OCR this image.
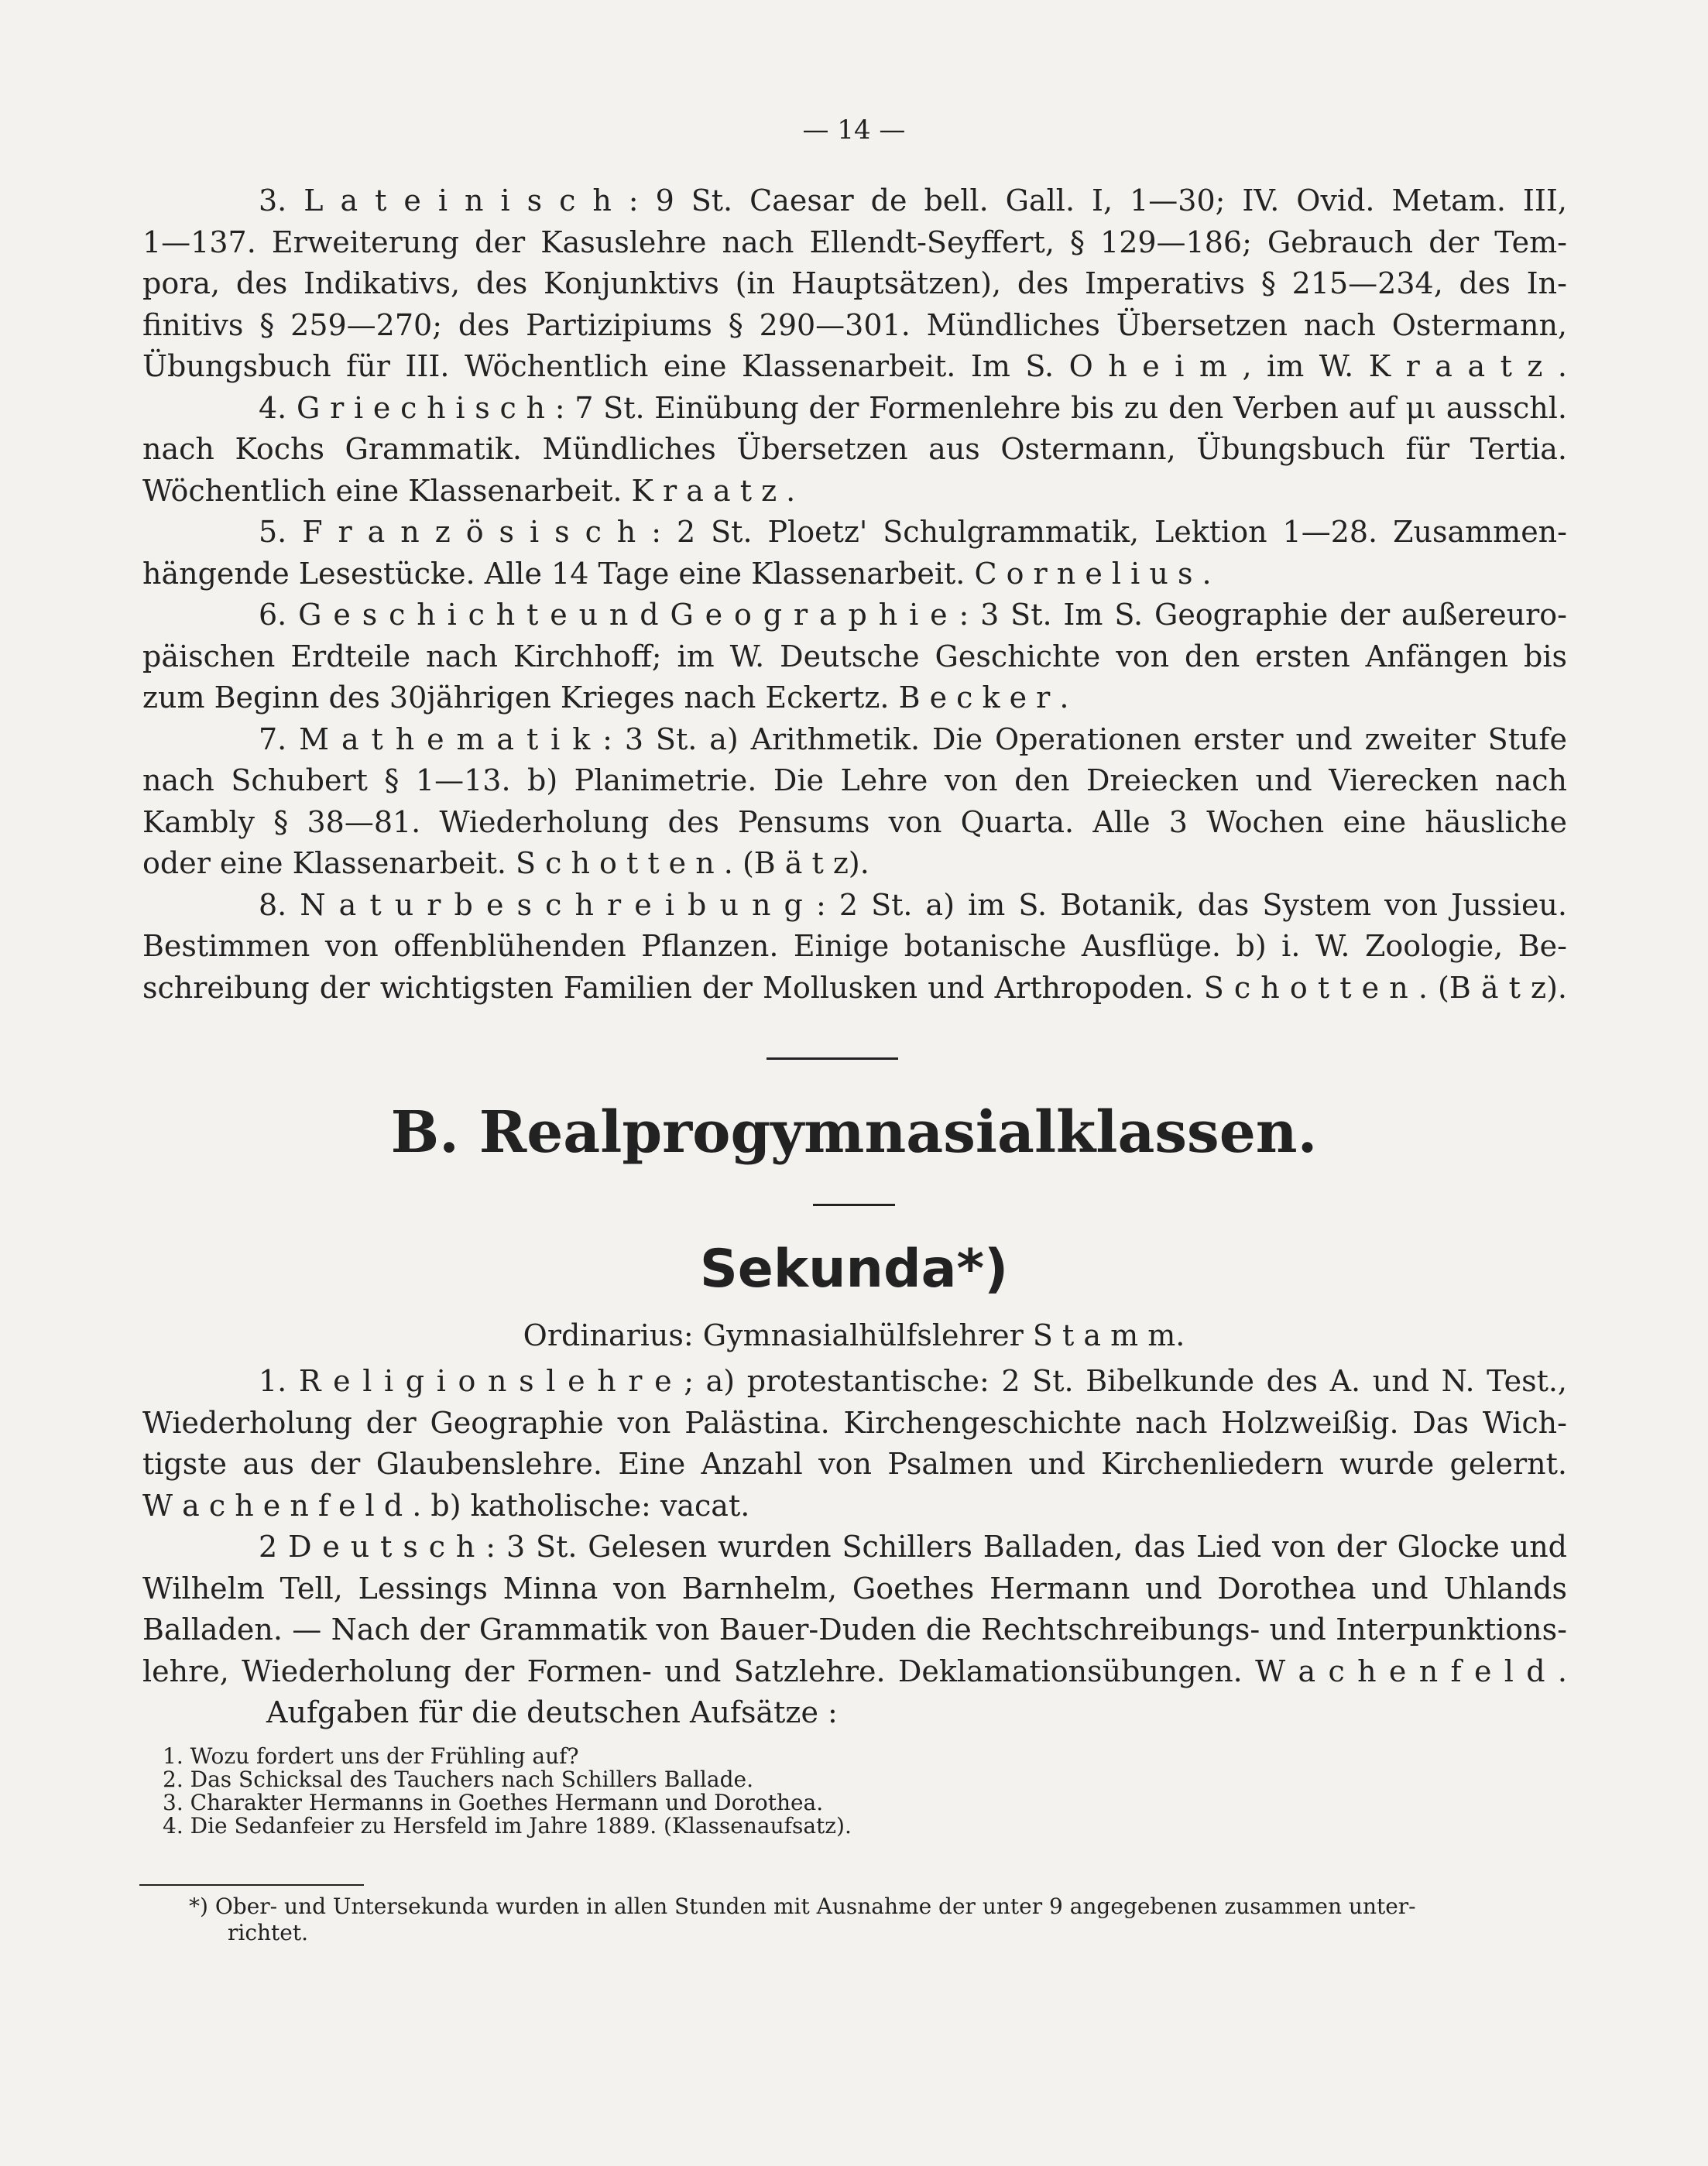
— 14 —
3. L a t e i n i s c h : 9 St. Caesar de bell. Gall. I, 1—30; IV. Ovid. Metam. III,
1—137. Erweiterung der Kasuslehre nach Ellendt-Seyffert, § 129—186; Gebrauch der Tem-
pora, des Indikativs, des Konjunktivs (in Hauptsätzen), des Imperativs § 215—234, des In-
finitivs § 259—270; des Partizipiums § 290—301. Mündliches Übersetzen nach Ostermann,
Übungsbuch für III. Wöchentlich eine Klassenarbeit. Im S. O h e i m , im W. K r a a t z .
4. G r i e c h i s c h : 7 St. Einübung der Formenlehre bis zu den Verben auf μι ausschl.
nach Kochs Grammatik. Mündliches Übersetzen aus Ostermann, Übungsbuch für Tertia.
Wöchentlich eine Klassenarbeit. K r a a t z .
5. F r a n z ö s i s c h : 2 St. Ploetz' Schulgrammatik, Lektion 1—28. Zusammen-
hängende Lesestücke. Alle 14 Tage eine Klassenarbeit. C o r n e l i u s .
6. G e s c h i c h t e u n d G e o g r a p h i e : 3 St. Im S. Geographie der außereuro-
päischen Erdteile nach Kirchhoff; im W. Deutsche Geschichte von den ersten Anfängen bis
zum Beginn des 30jährigen Krieges nach Eckertz. B e c k e r .
7. M a t h e m a t i k : 3 St. a) Arithmetik. Die Operationen erster und zweiter Stufe
nach Schubert § 1—13. b) Planimetrie. Die Lehre von den Dreiecken und Vierecken nach
Kambly § 38—81. Wiederholung des Pensums von Quarta. Alle 3 Wochen eine häusliche
oder eine Klassenarbeit. S c h o t t e n . (B ä t z).
8. N a t u r b e s c h r e i b u n g : 2 St. a) im S. Botanik, das System von Jussieu.
Bestimmen von offenblühenden Pflanzen. Einige botanische Ausflüge. b) i. W. Zoologie, Be-
schreibung der wichtigsten Familien der Mollusken und Arthropoden. S c h o t t e n . (B ä t z).
B. Realprogymnasialklassen.
Sekunda*)
Ordinarius: Gymnasialhülfslehrer S t a m m.
1. R e l i g i o n s l e h r e ; a) protestantische: 2 St. Bibelkunde des A. und N. Test.,
Wiederholung der Geographie von Palästina. Kirchengeschichte nach Holzweißig. Das Wich-
tigste aus der Glaubenslehre. Eine Anzahl von Psalmen und Kirchenliedern wurde gelernt.
W a c h e n f e l d . b) katholische: vacat.
2 D e u t s c h : 3 St. Gelesen wurden Schillers Balladen, das Lied von der Glocke und
Wilhelm Tell, Lessings Minna von Barnhelm, Goethes Hermann und Dorothea und Uhlands
Balladen. — Nach der Grammatik von Bauer-Duden die Rechtschreibungs- und Interpunktions-
lehre, Wiederholung der Formen- und Satzlehre. Deklamationsübungen. W a c h e n f e l d .
Aufgaben für die deutschen Aufsätze :
1. Wozu fordert uns der Frühling auf?
2. Das Schicksal des Tauchers nach Schillers Ballade.
3. Charakter Hermanns in Goethes Hermann und Dorothea.
4. Die Sedanfeier zu Hersfeld im Jahre 1889. (Klassenaufsatz).
*) Ober- und Untersekunda wurden in allen Stunden mit Ausnahme der unter 9 angegebenen zusammen unter-
richtet.
